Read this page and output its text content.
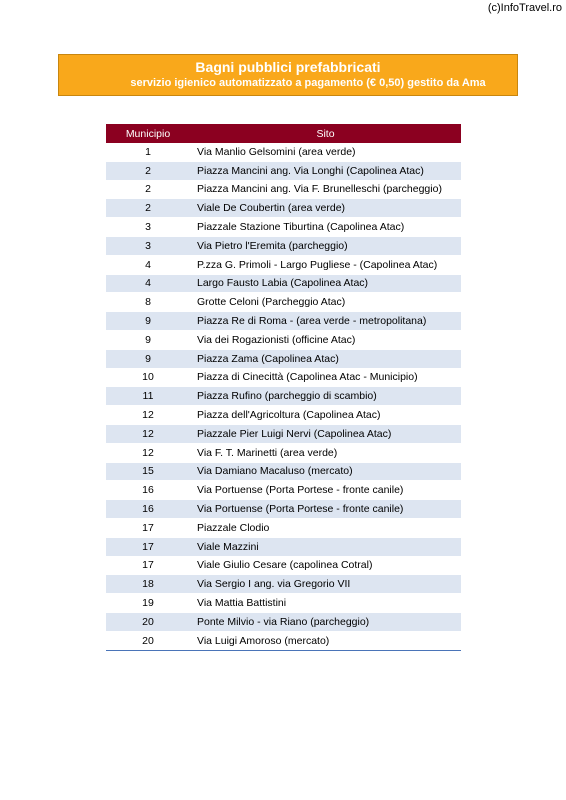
(c)InfoTravel.ro
Bagni pubblici prefabbricati
servizio igienico automatizzato a pagamento (€ 0,50) gestito da Ama
Municipio	Sito
1	Via Manlio Gelsomini (area verde)
2	Piazza Mancini ang. Via Longhi (Capolinea Atac)
2	Piazza Mancini ang. Via F. Brunelleschi (parcheggio)
2	Viale De Coubertin (area verde)
3	Piazzale Stazione Tiburtina (Capolinea Atac)
3	Via Pietro l'Eremita (parcheggio)
4	P.zza G. Primoli - Largo Pugliese - (Capolinea Atac)
4	Largo Fausto Labia (Capolinea Atac)
8	Grotte Celoni (Parcheggio Atac)
9	Piazza Re di Roma - (area verde - metropolitana)
9	Via dei Rogazionisti (officine Atac)
9	Piazza Zama (Capolinea Atac)
10	Piazza di Cinecittà (Capolinea Atac - Municipio)
11	Piazza Rufino (parcheggio di scambio)
12	Piazza dell'Agricoltura (Capolinea Atac)
12	Piazzale Pier Luigi Nervi (Capolinea Atac)
12	Via F. T. Marinetti (area verde)
15	Via Damiano Macaluso (mercato)
16	Via Portuense (Porta Portese - fronte canile)
16	Via Portuense (Porta Portese - fronte canile)
17	Piazzale Clodio
17	Viale Mazzini
17	Viale Giulio Cesare (capolinea Cotral)
18	Via Sergio I ang. via Gregorio VII
19	Via Mattia Battistini
20	Ponte Milvio - via Riano (parcheggio)
20	Via Luigi Amoroso (mercato)
